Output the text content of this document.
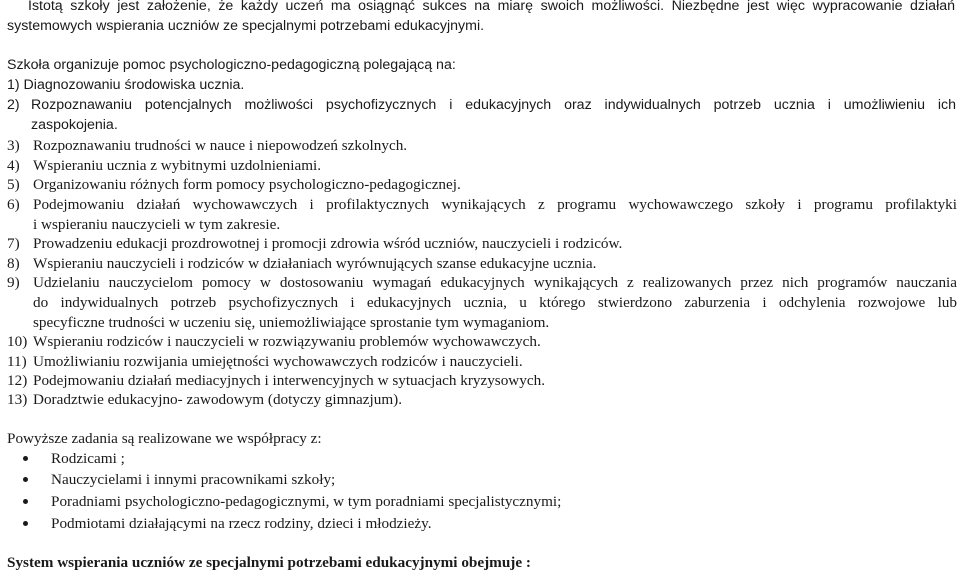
Istotą szkoły jest założenie, że każdy uczeń ma osiągnąć sukces na miarę swoich możliwości. Niezbędne jest więc wypracowanie działań
systemowych wspierania uczniów ze specjalnymi potrzebami edukacyjnymi.
Szkoła organizuje pomoc psychologiczno-pedagogiczną polegającą na:
1) Diagnozowaniu środowiska ucznia.
2) Rozpoznawaniu potencjalnych możliwości psychofizycznych i edukacyjnych oraz indywidualnych potrzeb ucznia i umożliwieniu ich
zaspokojenia.
3) Rozpoznawaniu trudności w nauce i niepowodzeń szkolnych.
4) Wspieraniu ucznia z wybitnymi uzdolnieniami.
5) Organizowaniu różnych form pomocy psychologiczno-pedagogicznej.
6) Podejmowaniu działań wychowawczych i profilaktycznych wynikających z programu wychowawczego szkoły i programu profilaktyki
i wspieraniu nauczycieli w tym zakresie.
7) Prowadzeniu edukacji prozdrowotnej i promocji zdrowia wśród uczniów, nauczycieli i rodziców.
8) Wspieraniu nauczycieli i rodziców w działaniach wyrównujących szanse edukacyjne ucznia.
9) Udzielaniu nauczycielom pomocy w dostosowaniu wymagań edukacyjnych wynikających z realizowanych przez nich programów nauczania
do indywidualnych potrzeb psychofizycznych i edukacyjnych ucznia, u którego stwierdzono zaburzenia i odchylenia rozwojowe lub
specyficzne trudności w uczeniu się, uniemożliwiające sprostanie tym wymaganiom.
10) Wspieraniu rodziców i nauczycieli w rozwiązywaniu problemów wychowawczych.
11) Umożliwianiu rozwijania umiejętności wychowawczych rodziców i nauczycieli.
12) Podejmowaniu działań mediacyjnych i interwencyjnych w sytuacjach kryzysowych.
13) Doradztwie edukacyjno- zawodowym (dotyczy gimnazjum).
Powyższe zadania są realizowane we współpracy z:
Rodzicami ;
Nauczycielami i innymi pracownikami szkoły;
Poradniami psychologiczno-pedagogicznymi, w tym poradniami specjalistycznymi;
Podmiotami działającymi na rzecz rodziny, dzieci i młodzieży.
System wspierania uczniów ze specjalnymi potrzebami edukacyjnymi obejmuje :
